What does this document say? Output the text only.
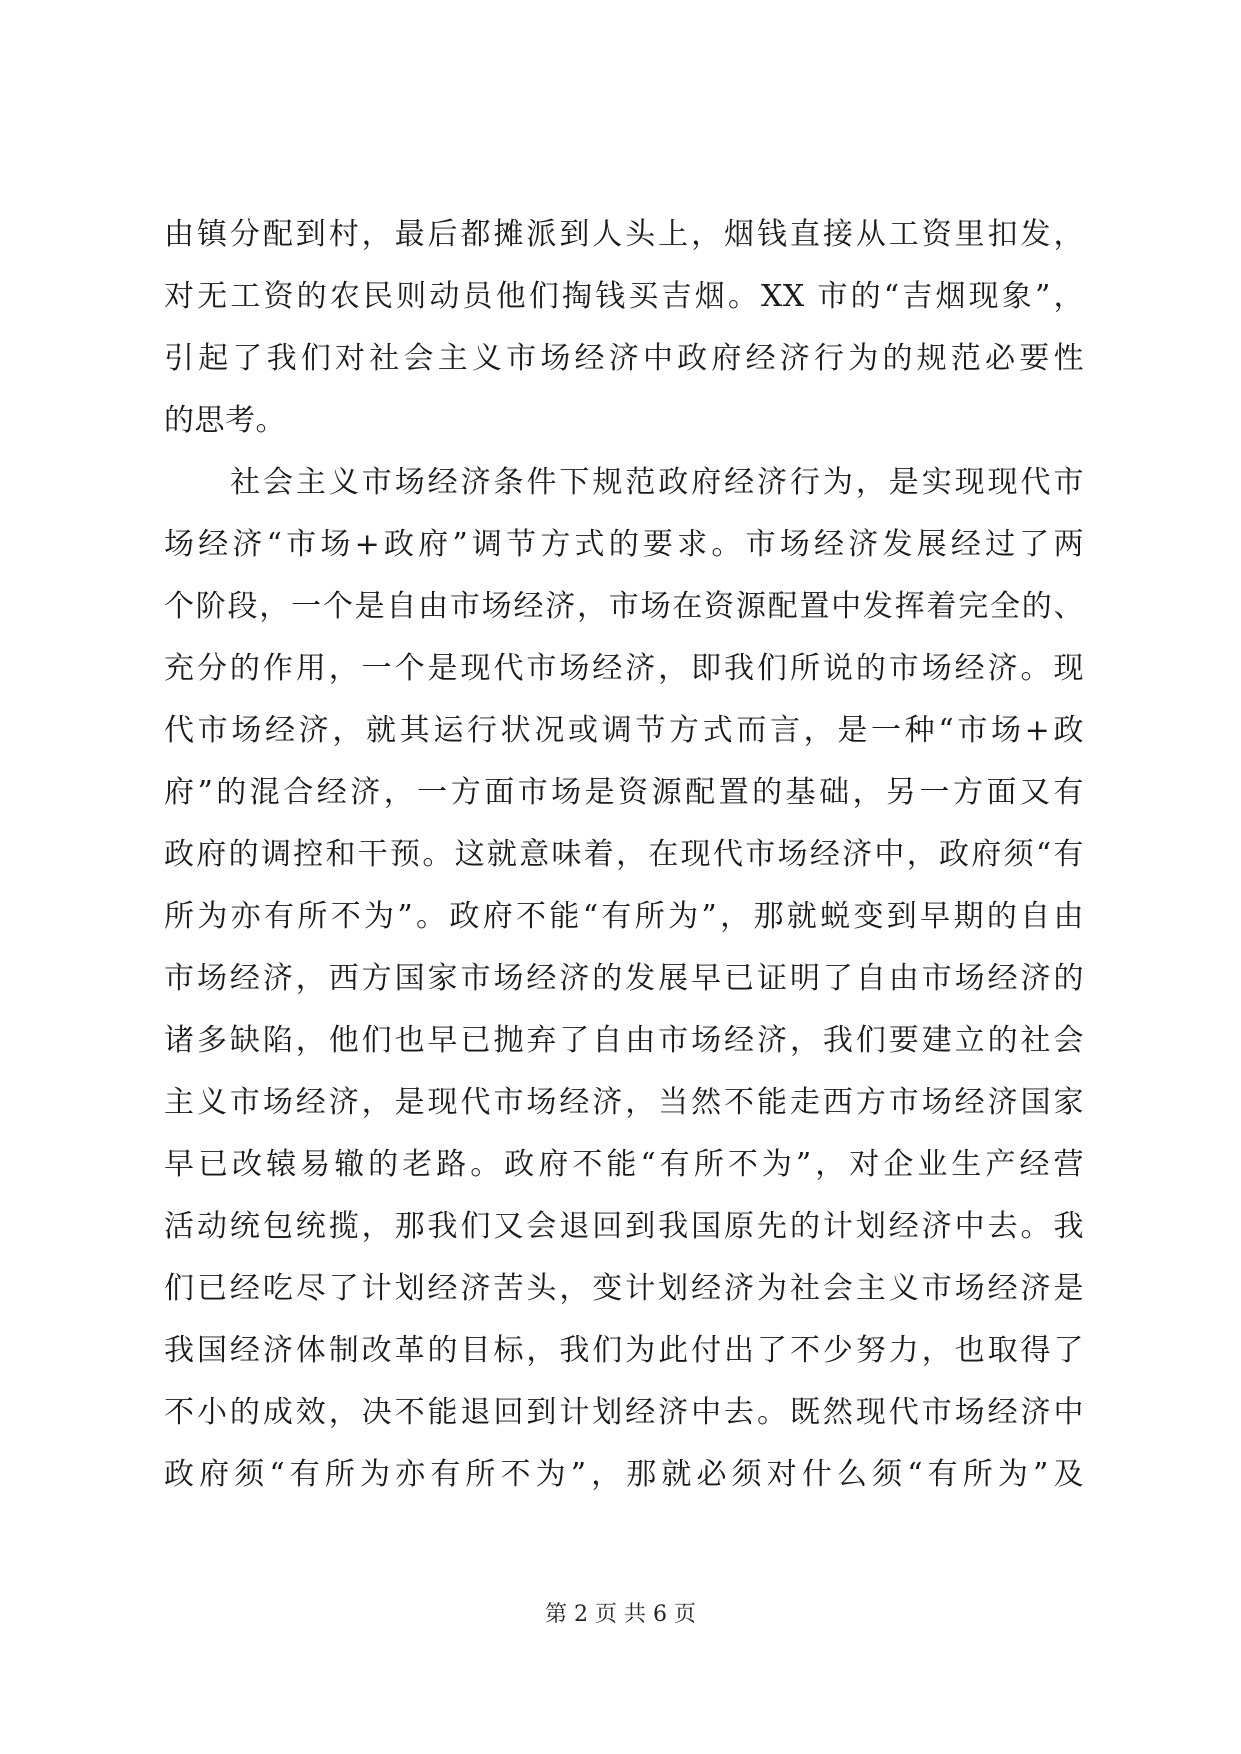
由镇分配到村，最后都摊派到人头上，烟钱直接从工资里扣发，
对无工资的农民则动员他们掏钱买吉烟。XX 市的“吉烟现象”，
引起了我们对社会主义市场经济中政府经济行为的规范必要性
的思考。
社会主义市场经济条件下规范政府经济行为，是实现现代市
场经济“市场+政府”调节方式的要求。市场经济发展经过了两
个阶段，一个是自由市场经济，市场在资源配置中发挥着完全的、
充分的作用，一个是现代市场经济，即我们所说的市场经济。现
代市场经济，就其运行状况或调节方式而言，是一种“市场+政
府”的混合经济，一方面市场是资源配置的基础，另一方面又有
政府的调控和干预。这就意味着，在现代市场经济中，政府须“有
所为亦有所不为”。政府不能“有所为”，那就蜕变到早期的自由
市场经济，西方国家市场经济的发展早已证明了自由市场经济的
诸多缺陷，他们也早已抛弃了自由市场经济，我们要建立的社会
主义市场经济，是现代市场经济，当然不能走西方市场经济国家
早已改辕易辙的老路。政府不能“有所不为”，对企业生产经营
活动统包统揽，那我们又会退回到我国原先的计划经济中去。我
们已经吃尽了计划经济苦头，变计划经济为社会主义市场经济是
我国经济体制改革的目标，我们为此付出了不少努力，也取得了
不小的成效，决不能退回到计划经济中去。既然现代市场经济中
政府须“有所为亦有所不为”，那就必须对什么须“有所为”及
第 2 页 共 6 页
